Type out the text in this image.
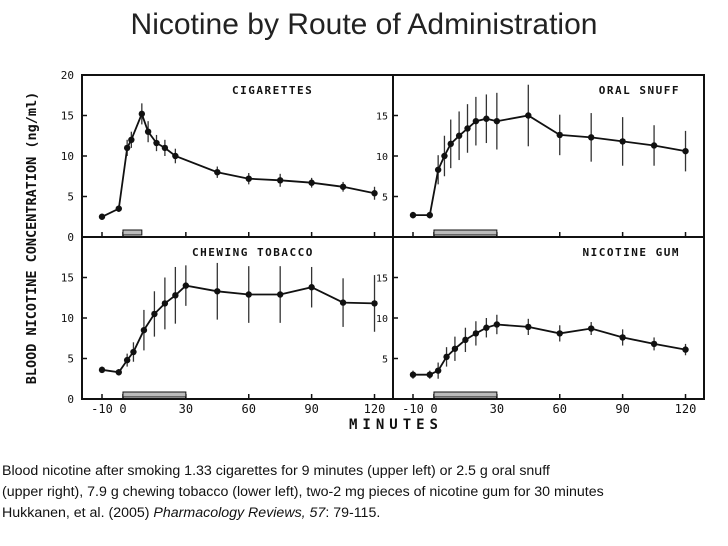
Nicotine by Route of Administration
BLOOD NICOTINE CONCENTRATION (ng/ml)
MINUTES
0
5
10
15
20
CIGARETTES
5
10
15
ORAL SNUFF
0
5
10
15
-10 0	30	60	90	120
CHEWING TOBACCO
5
10
15
-10 0	30	60	90	120
NICOTINE GUM
Blood nicotine after smoking 1.33 cigarettes for 9 minutes (upper left) or 2.5 g oral snuff
(upper right), 7.9 g chewing tobacco (lower left), two-2 mg pieces of nicotine gum for 30 minutes
Hukkanen, et al. (2005) Pharmacology Reviews, 57: 79-115.
